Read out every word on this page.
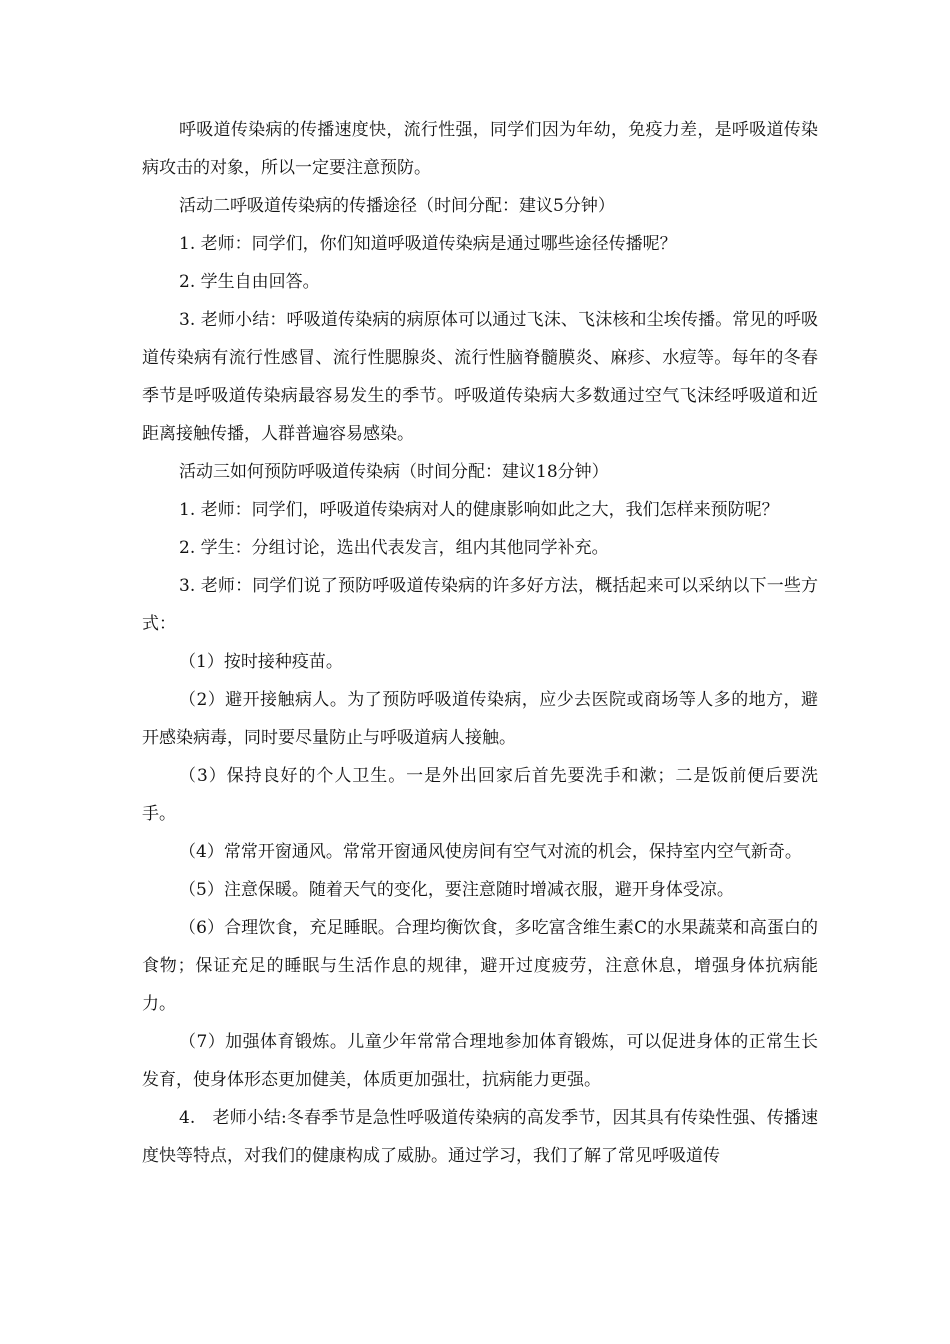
呼吸道传染病的传播速度快，流行性强，同学们因为年幼，免疫力差，是呼吸道传染病攻击的对象，所以一定要注意预防。

活动二呼吸道传染病的传播途径（时间分配：建议5分钟）

1. 老师：同学们，你们知道呼吸道传染病是通过哪些途径传播呢？

2. 学生自由回答。

3. 老师小结：呼吸道传染病的病原体可以通过飞沫、飞沫核和尘埃传播。常见的呼吸道传染病有流行性感冒、流行性腮腺炎、流行性脑脊髓膜炎、麻疹、水痘等。每年的冬春季节是呼吸道传染病最容易发生的季节。呼吸道传染病大多数通过空气飞沫经呼吸道和近距离接触传播，人群普遍容易感染。

活动三如何预防呼吸道传染病（时间分配：建议18分钟）

1. 老师：同学们，呼吸道传染病对人的健康影响如此之大，我们怎样来预防呢？

2. 学生：分组讨论，选出代表发言，组内其他同学补充。

3. 老师：同学们说了预防呼吸道传染病的许多好方法，概括起来可以采纳以下一些方式：

（1）按时接种疫苗。

（2）避开接触病人。为了预防呼吸道传染病，应少去医院或商场等人多的地方，避开感染病毒，同时要尽量防止与呼吸道病人接触。

（3）保持良好的个人卫生。一是外出回家后首先要洗手和漱；二是饭前便后要洗手。

（4）常常开窗通风。常常开窗通风使房间有空气对流的机会，保持室内空气新奇。

（5）注意保暖。随着天气的变化，要注意随时增减衣服，避开身体受凉。

（6）合理饮食，充足睡眠。合理均衡饮食，多吃富含维生素C的水果蔬菜和高蛋白的食物；保证充足的睡眠与生活作息的规律，避开过度疲劳，注意休息，增强身体抗病能力。

（7）加强体育锻炼。儿童少年常常合理地参加体育锻炼，可以促进身体的正常生长发育，使身体形态更加健美，体质更加强壮，抗病能力更强。

4.　老师小结:冬春季节是急性呼吸道传染病的高发季节，因其具有传染性强、传播速度快等特点，对我们的健康构成了威胁。通过学习，我们了解了常见呼吸道传
